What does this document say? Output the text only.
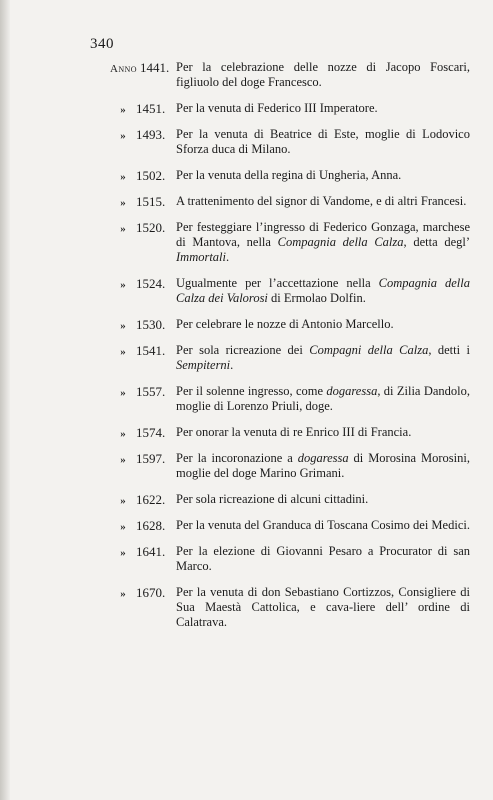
340
Anno 1441. Per la celebrazione delle nozze di Jacopo Foscari, figliuolo del doge Francesco.
» 1451. Per la venuta di Federico III Imperatore.
» 1493. Per la venuta di Beatrice di Este, moglie di Lodovico Sforza duca di Milano.
» 1502. Per la venuta della regina di Ungheria, Anna.
» 1515. A trattenimento del signor di Vandome, e di altri Francesi.
» 1520. Per festeggiare l’ingresso di Federico Gonzaga, marchese di Mantova, nella Compagnia della Calza, detta degl’ Immortali.
» 1524. Ugualmente per l’accettazione nella Compagnia della Calza dei Valorosi di Ermolao Dolfin.
» 1530. Per celebrare le nozze di Antonio Marcello.
» 1541. Per sola ricreazione dei Compagni della Calza, detti i Sempiterni.
» 1557. Per il solenne ingresso, come dogaressa, di Zilia Dandolo, moglie di Lorenzo Priuli, doge.
» 1574. Per onorar la venuta di re Enrico III di Francia.
» 1597. Per la incoronazione a dogaressa di Morosina Morosini, moglie del doge Marino Grimani.
» 1622. Per sola ricreazione di alcuni cittadini.
» 1628. Per la venuta del Granduca di Toscana Cosimo dei Medici.
» 1641. Per la elezione di Giovanni Pesaro a Procurator di san Marco.
» 1670. Per la venuta di don Sebastiano Cortizzos, Consigliere di Sua Maestà Cattolica, e cava-liere dell’ ordine di Calatrava.
